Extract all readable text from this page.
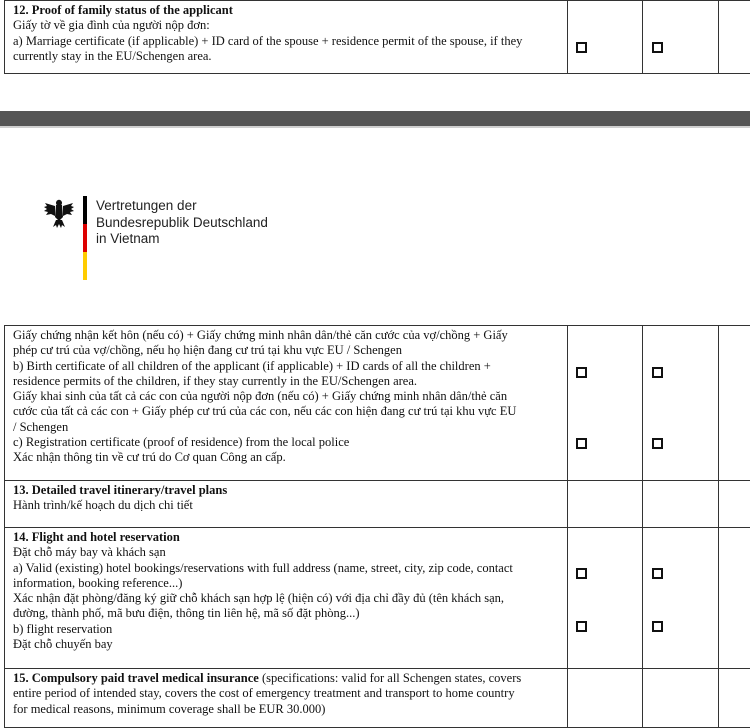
12. Proof of family status of the applicant
Giấy tờ về gia đình của người nộp đơn:
a) Marriage certificate (if applicable) + ID card of the spouse + residence permit of the spouse, if they
currently stay in the EU/Schengen area.
Vertretungen der
Bundesrepublik Deutschland
in Vietnam
Giấy chứng nhận kết hôn (nếu có) + Giấy chứng minh nhân dân/thẻ căn cước của vợ/chồng + Giấy
phép cư trú của vợ/chồng, nếu họ hiện đang cư trú tại khu vực EU / Schengen
b) Birth certificate of all children of the applicant (if applicable) + ID cards of all the children +
residence permits of the children, if they stay currently in the EU/Schengen area.
Giấy khai sinh của tất cả các con của người nộp đơn (nếu có) + Giấy chứng minh nhân dân/thẻ căn
cước của tất cả các con + Giấy phép cư trú của các con, nếu các con hiện đang cư trú tại khu vực EU
/ Schengen
c) Registration certificate (proof of residence) from the local police
Xác nhận thông tin về cư trú do Cơ quan Công an cấp.
13. Detailed travel itinerary/travel plans
Hành trình/kế hoạch du dịch chi tiết
14. Flight and hotel reservation
Đặt chỗ máy bay và khách sạn
a) Valid (existing) hotel bookings/reservations with full address (name, street, city, zip code, contact
information, booking reference...)
Xác nhận đặt phòng/đăng ký giữ chỗ khách sạn hợp lệ (hiện có) với địa chỉ đầy đủ (tên khách sạn,
đường, thành phố, mã bưu điện, thông tin liên hệ, mã số đặt phòng...)
b) flight reservation
Đặt chỗ chuyến bay
15. Compulsory paid travel medical insurance (specifications: valid for all Schengen states, covers
entire period of intended stay, covers the cost of emergency treatment and transport to home country
for medical reasons, minimum coverage shall be EUR 30.000)
